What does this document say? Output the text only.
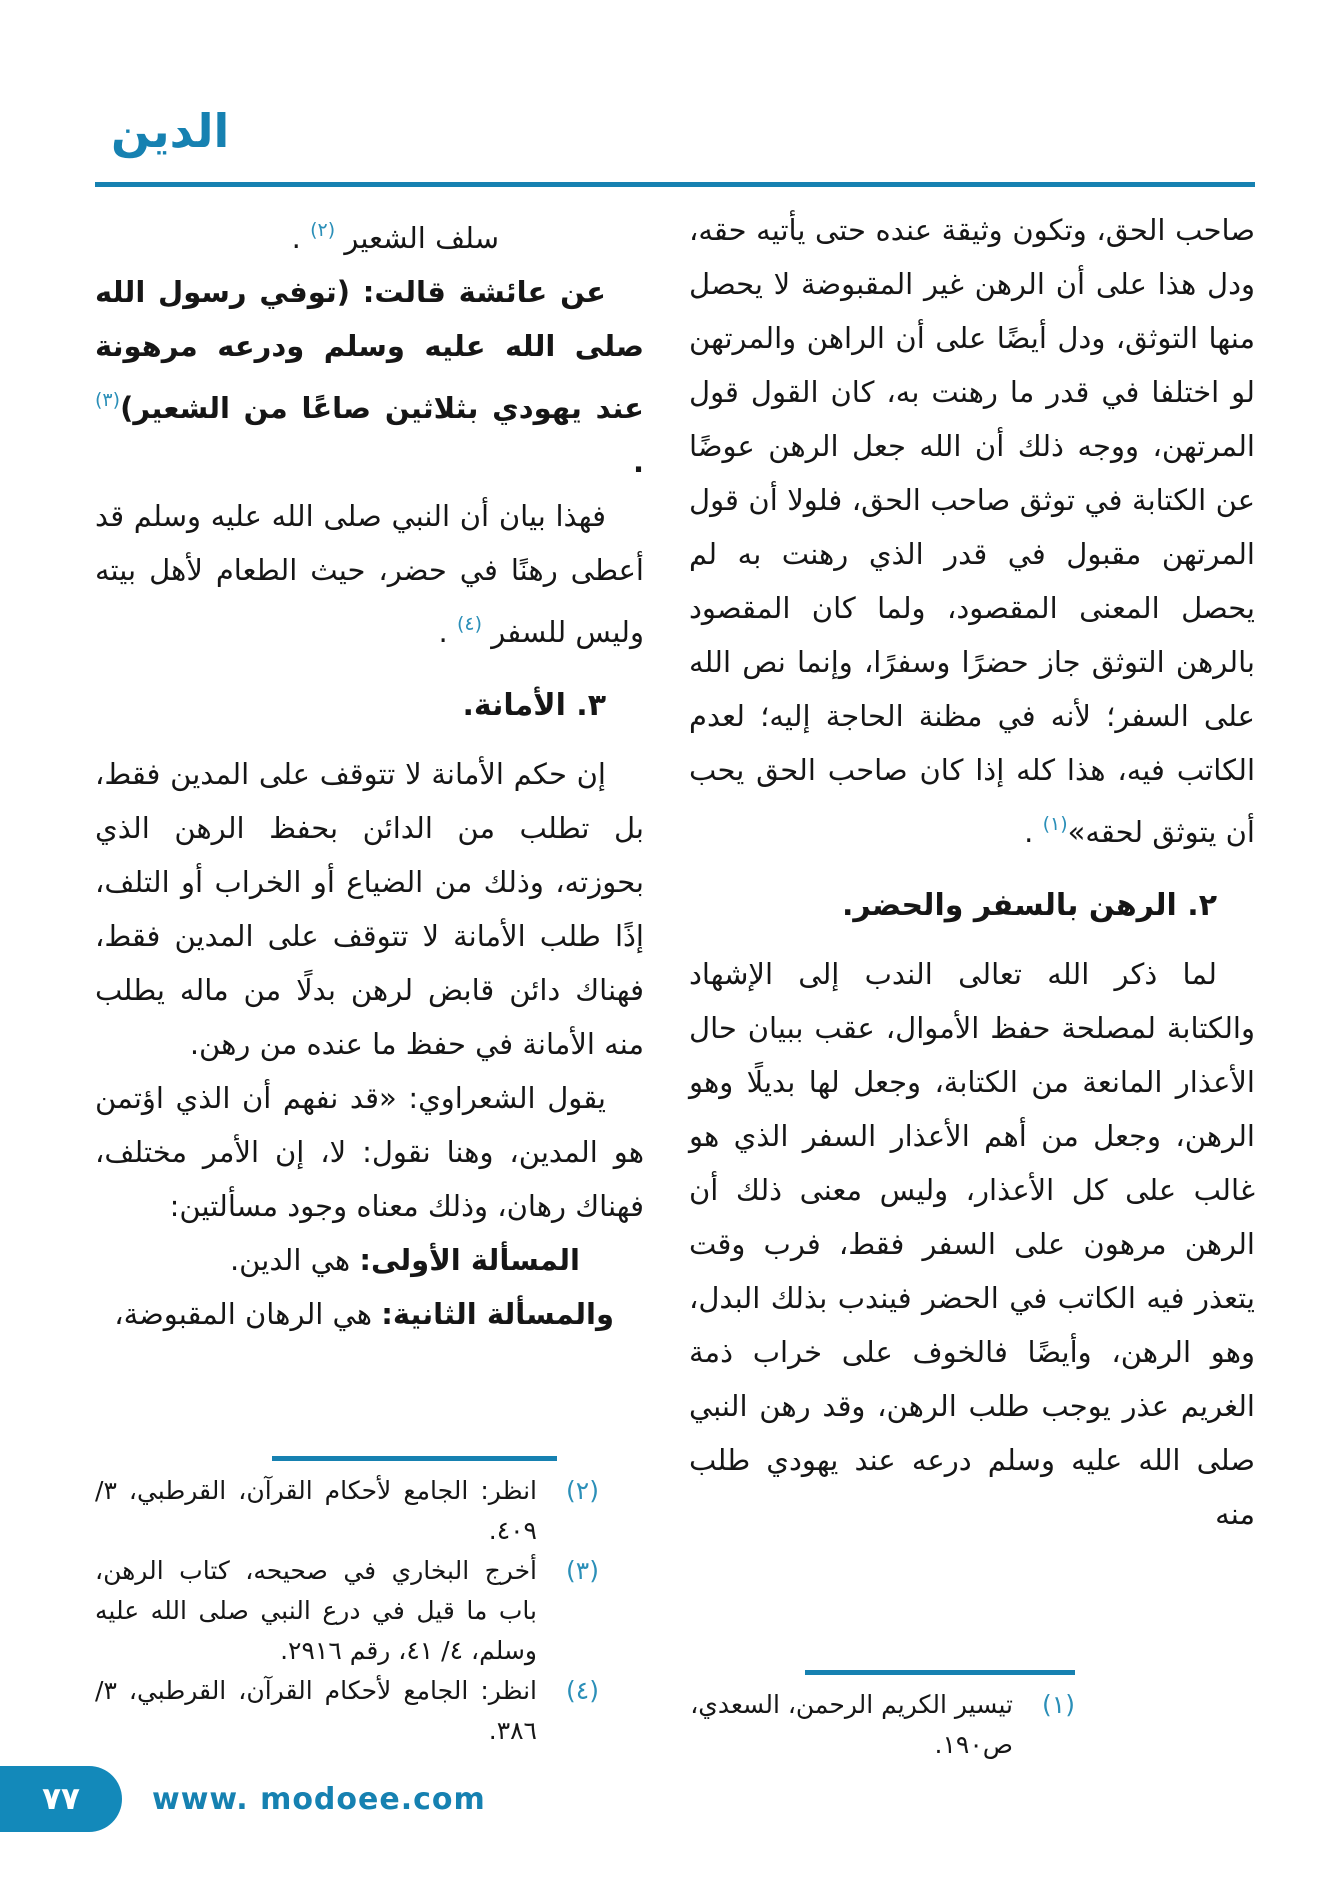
الدين

صاحب الحق، وتكون وثيقة عنده حتى يأتيه حقه، ودل هذا على أن الرهن غير المقبوضة لا يحصل منها التوثق، ودل أيضًا على أن الراهن والمرتهن لو اختلفا في قدر ما رهنت به، كان القول قول المرتهن، ووجه ذلك أن الله جعل الرهن عوضًا عن الكتابة في توثق صاحب الحق، فلولا أن قول المرتهن مقبول في قدر الذي رهنت به لم يحصل المعنى المقصود، ولما كان المقصود بالرهن التوثق جاز حضرًا وسفرًا، وإنما نص الله على السفر؛ لأنه في مظنة الحاجة إليه؛ لعدم الكاتب فيه، هذا كله إذا كان صاحب الحق يحب أن يتوثق لحقه»$^{(١)}$ .

٢. الرهن بالسفر والحضر.

لما ذكر الله تعالى الندب إلى الإشهاد والكتابة لمصلحة حفظ الأموال، عقب ببيان حال الأعذار المانعة من الكتابة، وجعل لها بديلًا وهو الرهن، وجعل من أهم الأعذار السفر الذي هو غالب على كل الأعذار، وليس معنى ذلك أن الرهن مرهون على السفر فقط، فرب وقت يتعذر فيه الكاتب في الحضر فيندب بذلك البدل، وهو الرهن، وأيضًا فالخوف على خراب ذمة الغريم عذر يوجب طلب الرهن، وقد رهن النبي صلى الله عليه وسلم درعه عند يهودي طلب منه

(١)
تيسير الكريم الرحمن، السعدي، ص١٩٠.

سلف الشعير $^{(٢)}$ .

عن عائشة قالت: (توفي رسول الله صلى الله عليه وسلم ودرعه مرهونة عند يهودي بثلاثين صاعًا من الشعير)$^{(٣)}$ .

فهذا بيان أن النبي صلى الله عليه وسلم قد أعطى رهنًا في حضر، حيث الطعام لأهل بيته وليس للسفر $^{(٤)}$ .

٣. الأمانة.

إن حكم الأمانة لا تتوقف على المدين فقط، بل تطلب من الدائن بحفظ الرهن الذي بحوزته، وذلك من الضياع أو الخراب أو التلف، إذًا طلب الأمانة لا تتوقف على المدين فقط، فهناك دائن قابض لرهن بدلًا من ماله يطلب منه الأمانة في حفظ ما عنده من رهن.

يقول الشعراوي: «قد نفهم أن الذي اؤتمن هو المدين، وهنا نقول: لا، إن الأمر مختلف، فهناك رهان، وذلك معناه وجود مسألتين:

المسألة الأولى: هي الدين.

والمسألة الثانية: هي الرهان المقبوضة،

(٢)
انظر: الجامع لأحكام القرآن، القرطبي، ٣/ ٤٠٩.
(٣)
أخرج البخاري في صحيحه، كتاب الرهن، باب ما قيل في درع النبي صلى الله عليه وسلم، ٤/ ٤١، رقم ٢٩١٦.
(٤)
انظر: الجامع لأحكام القرآن، القرطبي، ٣/ ٣٨٦.
٧٧ www. modoee.com
